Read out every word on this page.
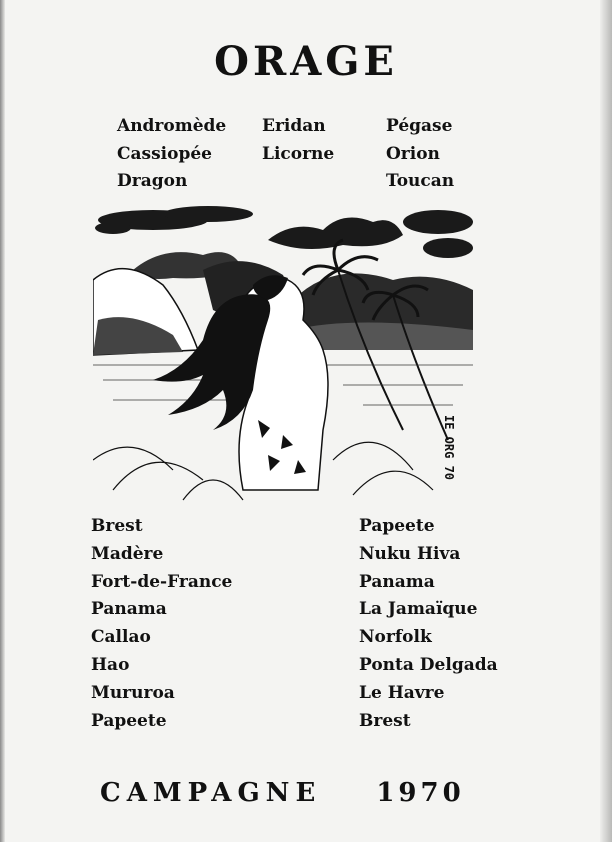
ORAGE
Andromède
Cassiopée
Dragon
Eridan
Licorne
Pégase
Orion
Toucan
IE ORG 70
Brest
Madère
Fort-de-France
Panama
Callao
Hao
Mururoa
Papeete
Papeete
Nuku Hiva
Panama
La Jamaïque
Norfolk
Ponta Delgada
Le Havre
Brest
CAMPAGNE 1970
